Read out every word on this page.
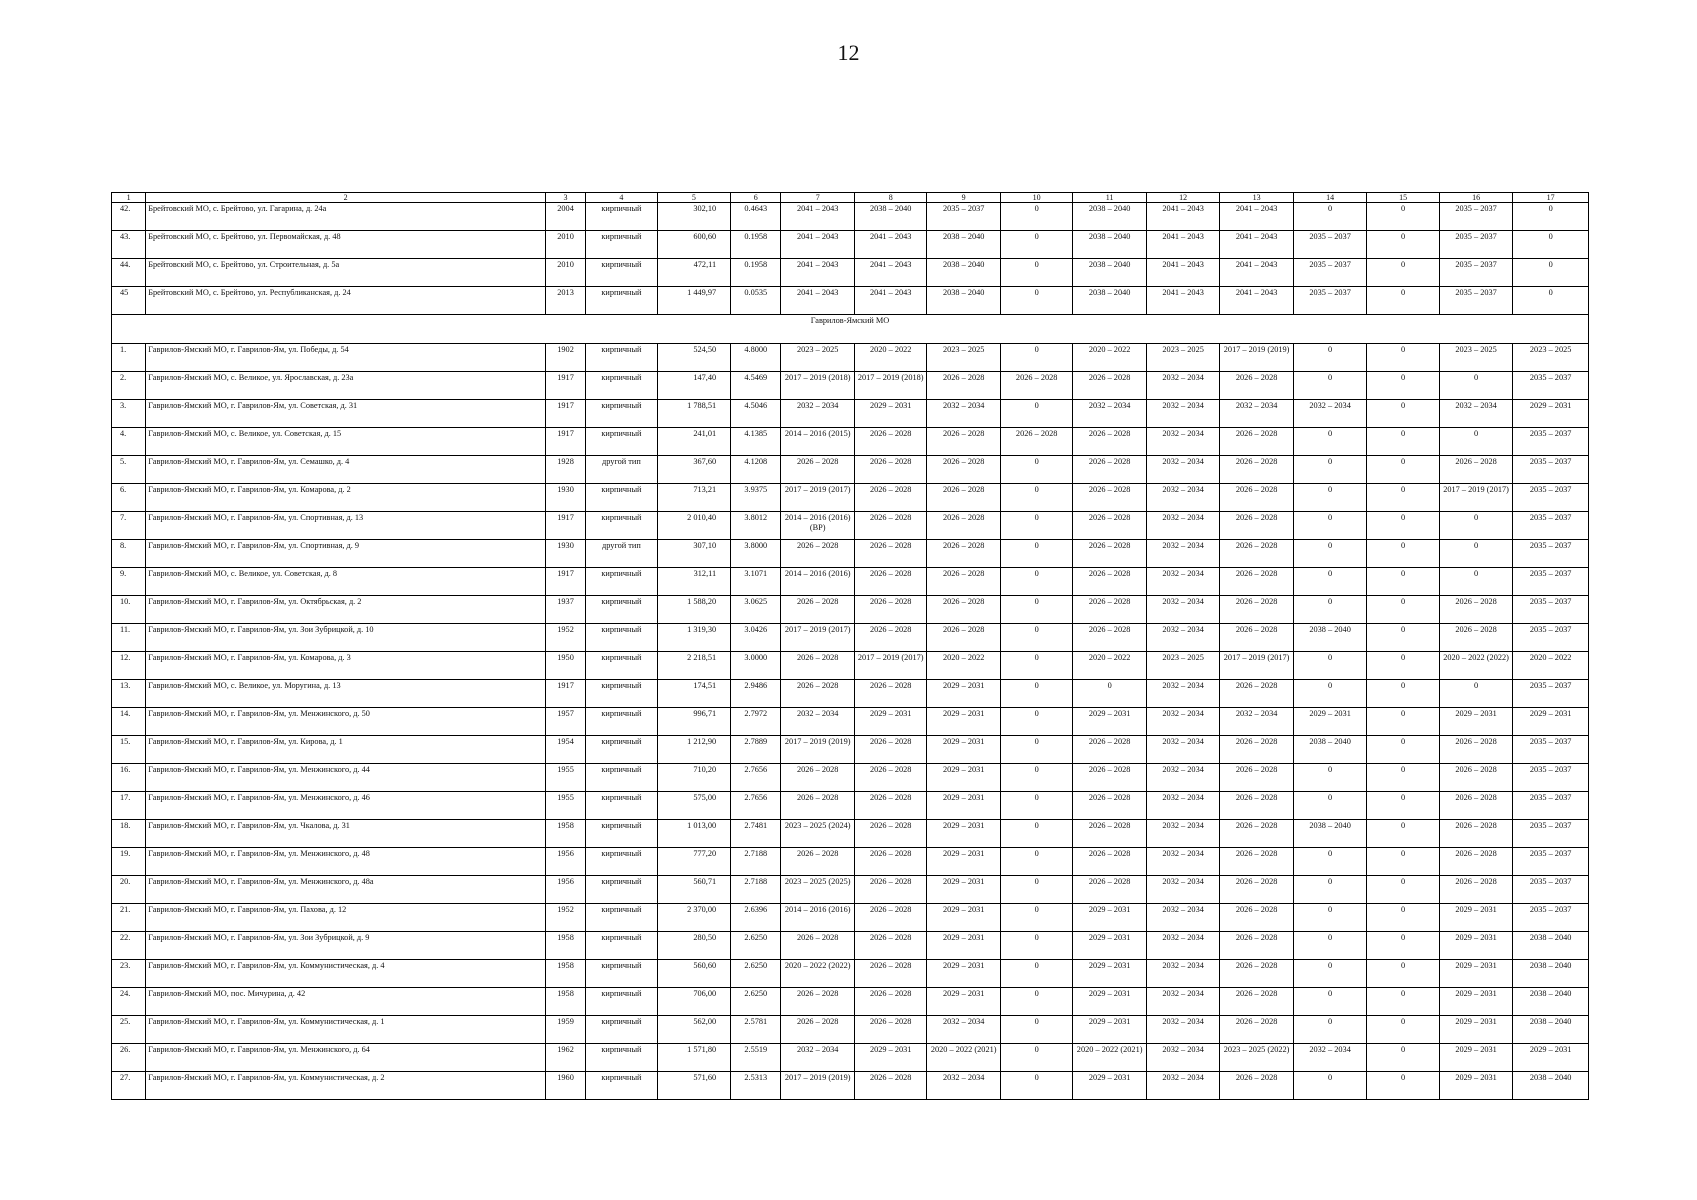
12
1	2	3	4	5	6	7	8	9	10	11	12	13	14	15	16	17
42.	Брейтовский МО, с. Брейтово, ул. Гагарина, д. 24а	2004	кирпичный	302,10	0.4643	2041 – 2043	2038 – 2040	2035 – 2037	0	2038 – 2040	2041 – 2043	2041 – 2043	0	0	2035 – 2037	0
43.	Брейтовский МО, с. Брейтово, ул. Первомайская, д. 48	2010	кирпичный	600,60	0.1958	2041 – 2043	2041 – 2043	2038 – 2040	0	2038 – 2040	2041 – 2043	2041 – 2043	2035 – 2037	0	2035 – 2037	0
44.	Брейтовский МО, с. Брейтово, ул. Строительная, д. 5а	2010	кирпичный	472,11	0.1958	2041 – 2043	2041 – 2043	2038 – 2040	0	2038 – 2040	2041 – 2043	2041 – 2043	2035 – 2037	0	2035 – 2037	0
45	Брейтовский МО, с. Брейтово, ул. Республиканская, д. 24	2013	кирпичный	1 449,97	0.0535	2041 – 2043	2041 – 2043	2038 – 2040	0	2038 – 2040	2041 – 2043	2041 – 2043	2035 – 2037	0	2035 – 2037	0
Гаврилов-Ямский МО																
1.	Гаврилов-Ямский МО, г. Гаврилов-Ям, ул. Победы, д. 54	1902	кирпичный	524,50	4.8000	2023 – 2025	2020 – 2022	2023 – 2025	0	2020 – 2022	2023 – 2025	2017 – 2019 (2019)	0	0	2023 – 2025	2023 – 2025
2.	Гаврилов-Ямский МО, с. Великое, ул. Ярославская, д. 23а	1917	кирпичный	147,40	4.5469	2017 – 2019 (2018)	2017 – 2019 (2018)	2026 – 2028	2026 – 2028	2026 – 2028	2032 – 2034	2026 – 2028	0	0	0	2035 – 2037
3.	Гаврилов-Ямский МО, г. Гаврилов-Ям, ул. Советская, д. 31	1917	кирпичный	1 788,51	4.5046	2032 – 2034	2029 – 2031	2032 – 2034	0	2032 – 2034	2032 – 2034	2032 – 2034	2032 – 2034	0	2032 – 2034	2029 – 2031
4.	Гаврилов-Ямский МО, с. Великое, ул. Советская, д. 15	1917	кирпичный	241,01	4.1385	2014 – 2016 (2015)	2026 – 2028	2026 – 2028	2026 – 2028	2026 – 2028	2032 – 2034	2026 – 2028	0	0	0	2035 – 2037
5.	Гаврилов-Ямский МО, г. Гаврилов-Ям, ул. Семашко, д. 4	1928	другой тип	367,60	4.1208	2026 – 2028	2026 – 2028	2026 – 2028	0	2026 – 2028	2032 – 2034	2026 – 2028	0	0	2026 – 2028	2035 – 2037
6.	Гаврилов-Ямский МО, г. Гаврилов-Ям, ул. Комарова, д. 2	1930	кирпичный	713,21	3.9375	2017 – 2019 (2017)	2026 – 2028	2026 – 2028	0	2026 – 2028	2032 – 2034	2026 – 2028	0	0	2017 – 2019 (2017)	2035 – 2037
7.	Гаврилов-Ямский МО, г. Гаврилов-Ям, ул. Спортивная, д. 13	1917	кирпичный	2 010,40	3.8012	2014 – 2016 (2016) (ВР)	2026 – 2028	2026 – 2028	0	2026 – 2028	2032 – 2034	2026 – 2028	0	0	0	2035 – 2037
8.	Гаврилов-Ямский МО, г. Гаврилов-Ям, ул. Спортивная, д. 9	1930	другой тип	307,10	3.8000	2026 – 2028	2026 – 2028	2026 – 2028	0	2026 – 2028	2032 – 2034	2026 – 2028	0	0	0	2035 – 2037
9.	Гаврилов-Ямский МО, с. Великое, ул. Советская, д. 8	1917	кирпичный	312,11	3.1071	2014 – 2016 (2016)	2026 – 2028	2026 – 2028	0	2026 – 2028	2032 – 2034	2026 – 2028	0	0	0	2035 – 2037
10.	Гаврилов-Ямский МО, г. Гаврилов-Ям, ул. Октябрьская, д. 2	1937	кирпичный	1 588,20	3.0625	2026 – 2028	2026 – 2028	2026 – 2028	0	2026 – 2028	2032 – 2034	2026 – 2028	0	0	2026 – 2028	2035 – 2037
11.	Гаврилов-Ямский МО, г. Гаврилов-Ям, ул. Зои Зубрицкой, д. 10	1952	кирпичный	1 319,30	3.0426	2017 – 2019 (2017)	2026 – 2028	2026 – 2028	0	2026 – 2028	2032 – 2034	2026 – 2028	2038 – 2040	0	2026 – 2028	2035 – 2037
12.	Гаврилов-Ямский МО, г. Гаврилов-Ям, ул. Комарова, д. 3	1950	кирпичный	2 218,51	3.0000	2026 – 2028	2017 – 2019 (2017)	2020 – 2022	0	2020 – 2022	2023 – 2025	2017 – 2019 (2017)	0	0	2020 – 2022 (2022)	2020 – 2022
13.	Гаврилов-Ямский МО, с. Великое, ул. Моругина, д. 13	1917	кирпичный	174,51	2.9486	2026 – 2028	2026 – 2028	2029 – 2031	0	0	2032 – 2034	2026 – 2028	0	0	0	2035 – 2037
14.	Гаврилов-Ямский МО, г. Гаврилов-Ям, ул. Менжинского, д. 50	1957	кирпичный	996,71	2.7972	2032 – 2034	2029 – 2031	2029 – 2031	0	2029 – 2031	2032 – 2034	2032 – 2034	2029 – 2031	0	2029 – 2031	2029 – 2031
15.	Гаврилов-Ямский МО, г. Гаврилов-Ям, ул. Кирова, д. 1	1954	кирпичный	1 212,90	2.7889	2017 – 2019 (2019)	2026 – 2028	2029 – 2031	0	2026 – 2028	2032 – 2034	2026 – 2028	2038 – 2040	0	2026 – 2028	2035 – 2037
16.	Гаврилов-Ямский МО, г. Гаврилов-Ям, ул. Менжинского, д. 44	1955	кирпичный	710,20	2.7656	2026 – 2028	2026 – 2028	2029 – 2031	0	2026 – 2028	2032 – 2034	2026 – 2028	0	0	2026 – 2028	2035 – 2037
17.	Гаврилов-Ямский МО, г. Гаврилов-Ям, ул. Менжинского, д. 46	1955	кирпичный	575,00	2.7656	2026 – 2028	2026 – 2028	2029 – 2031	0	2026 – 2028	2032 – 2034	2026 – 2028	0	0	2026 – 2028	2035 – 2037
18.	Гаврилов-Ямский МО, г. Гаврилов-Ям, ул. Чкалова, д. 31	1958	кирпичный	1 013,00	2.7481	2023 – 2025 (2024)	2026 – 2028	2029 – 2031	0	2026 – 2028	2032 – 2034	2026 – 2028	2038 – 2040	0	2026 – 2028	2035 – 2037
19.	Гаврилов-Ямский МО, г. Гаврилов-Ям, ул. Менжинского, д. 48	1956	кирпичный	777,20	2.7188	2026 – 2028	2026 – 2028	2029 – 2031	0	2026 – 2028	2032 – 2034	2026 – 2028	0	0	2026 – 2028	2035 – 2037
20.	Гаврилов-Ямский МО, г. Гаврилов-Ям, ул. Менжинского, д. 48а	1956	кирпичный	560,71	2.7188	2023 – 2025 (2025)	2026 – 2028	2029 – 2031	0	2026 – 2028	2032 – 2034	2026 – 2028	0	0	2026 – 2028	2035 – 2037
21.	Гаврилов-Ямский МО, г. Гаврилов-Ям, ул. Пахова, д. 12	1952	кирпичный	2 370,00	2.6396	2014 – 2016 (2016)	2026 – 2028	2029 – 2031	0	2029 – 2031	2032 – 2034	2026 – 2028	0	0	2029 – 2031	2035 – 2037
22.	Гаврилов-Ямский МО, г. Гаврилов-Ям, ул. Зои Зубрицкой, д. 9	1958	кирпичный	280,50	2.6250	2026 – 2028	2026 – 2028	2029 – 2031	0	2029 – 2031	2032 – 2034	2026 – 2028	0	0	2029 – 2031	2038 – 2040
23.	Гаврилов-Ямский МО, г. Гаврилов-Ям, ул. Коммунистическая, д. 4	1958	кирпичный	560,60	2.6250	2020 – 2022 (2022)	2026 – 2028	2029 – 2031	0	2029 – 2031	2032 – 2034	2026 – 2028	0	0	2029 – 2031	2038 – 2040
24.	Гаврилов-Ямский МО, пос. Мичурина, д. 42	1958	кирпичный	706,00	2.6250	2026 – 2028	2026 – 2028	2029 – 2031	0	2029 – 2031	2032 – 2034	2026 – 2028	0	0	2029 – 2031	2038 – 2040
25.	Гаврилов-Ямский МО, г. Гаврилов-Ям, ул. Коммунистическая, д. 1	1959	кирпичный	562,00	2.5781	2026 – 2028	2026 – 2028	2032 – 2034	0	2029 – 2031	2032 – 2034	2026 – 2028	0	0	2029 – 2031	2038 – 2040
26.	Гаврилов-Ямский МО, г. Гаврилов-Ям, ул. Менжинского, д. 64	1962	кирпичный	1 571,80	2.5519	2032 – 2034	2029 – 2031	2020 – 2022 (2021)	0	2020 – 2022 (2021)	2032 – 2034	2023 – 2025 (2022)	2032 – 2034	0	2029 – 2031	2029 – 2031
27.	Гаврилов-Ямский МО, г. Гаврилов-Ям, ул. Коммунистическая, д. 2	1960	кирпичный	571,60	2.5313	2017 – 2019 (2019)	2026 – 2028	2032 – 2034	0	2029 – 2031	2032 – 2034	2026 – 2028	0	0	2029 – 2031	2038 – 2040
